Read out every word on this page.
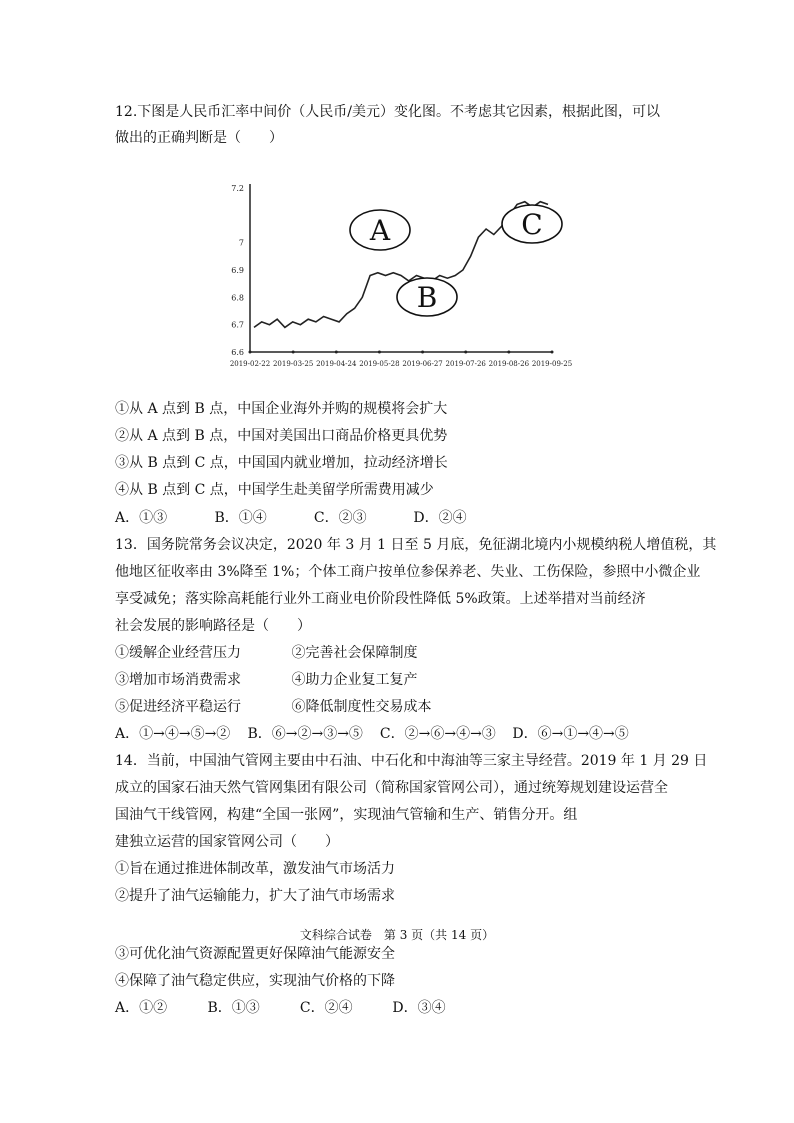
12.下图是人民币汇率中间价（人民币/美元）变化图。不考虑其它因素，根据此图，可以
做出的正确判断是（　　）
6.6
6.7
6.8
6.9
7
7.2
2019-02-22 2019-03-25 2019-04-24 2019-05-28 2019-06-27 2019-07-26 2019-08-26 2019-09-25
A
B
C
①从 A 点到 B 点，中国企业海外并购的规模将会扩大
②从 A 点到 B 点，中国对美国出口商品价格更具优势
③从 B 点到 C 点，中国国内就业增加，拉动经济增长
④从 B 点到 C 点，中国学生赴美留学所需费用减少
A．①③	B．①④	C．②③	D．②④
13．国务院常务会议决定，2020 年 3 月 1 日至 5 月底，免征湖北境内小规模纳税人增值税，其
他地区征收率由 3%降至 1%；个体工商户按单位参保养老、失业、工伤保险，参照中小微企业
享受减免；落实除高耗能行业外工商业电价阶段性降低 5%政策。上述举措对当前经济
社会发展的影响路径是（　　）
①缓解企业经营压力	②完善社会保障制度
③增加市场消费需求	④助力企业复工复产
⑤促进经济平稳运行	⑥降低制度性交易成本
A．①→④→⑤→② B．⑥→②→③→⑤ C．②→⑥→④→③ D．⑥→①→④→⑤
14．当前，中国油气管网主要由中石油、中石化和中海油等三家主导经营。2019 年 1 月 29 日
成立的国家石油天然气管网集团有限公司（简称国家管网公司），通过统筹规划建设运营全
国油气干线管网，构建“全国一张网”，实现油气管输和生产、销售分开。组
建独立运营的国家管网公司（　　）
①旨在通过推进体制改革，激发油气市场活力
②提升了油气运输能力，扩大了油气市场需求
文科综合试卷　第 3 页（共 14 页）
③可优化油气资源配置更好保障油气能源安全
④保障了油气稳定供应，实现油气价格的下降
A．①②	B．①③	C．②④	D．③④
